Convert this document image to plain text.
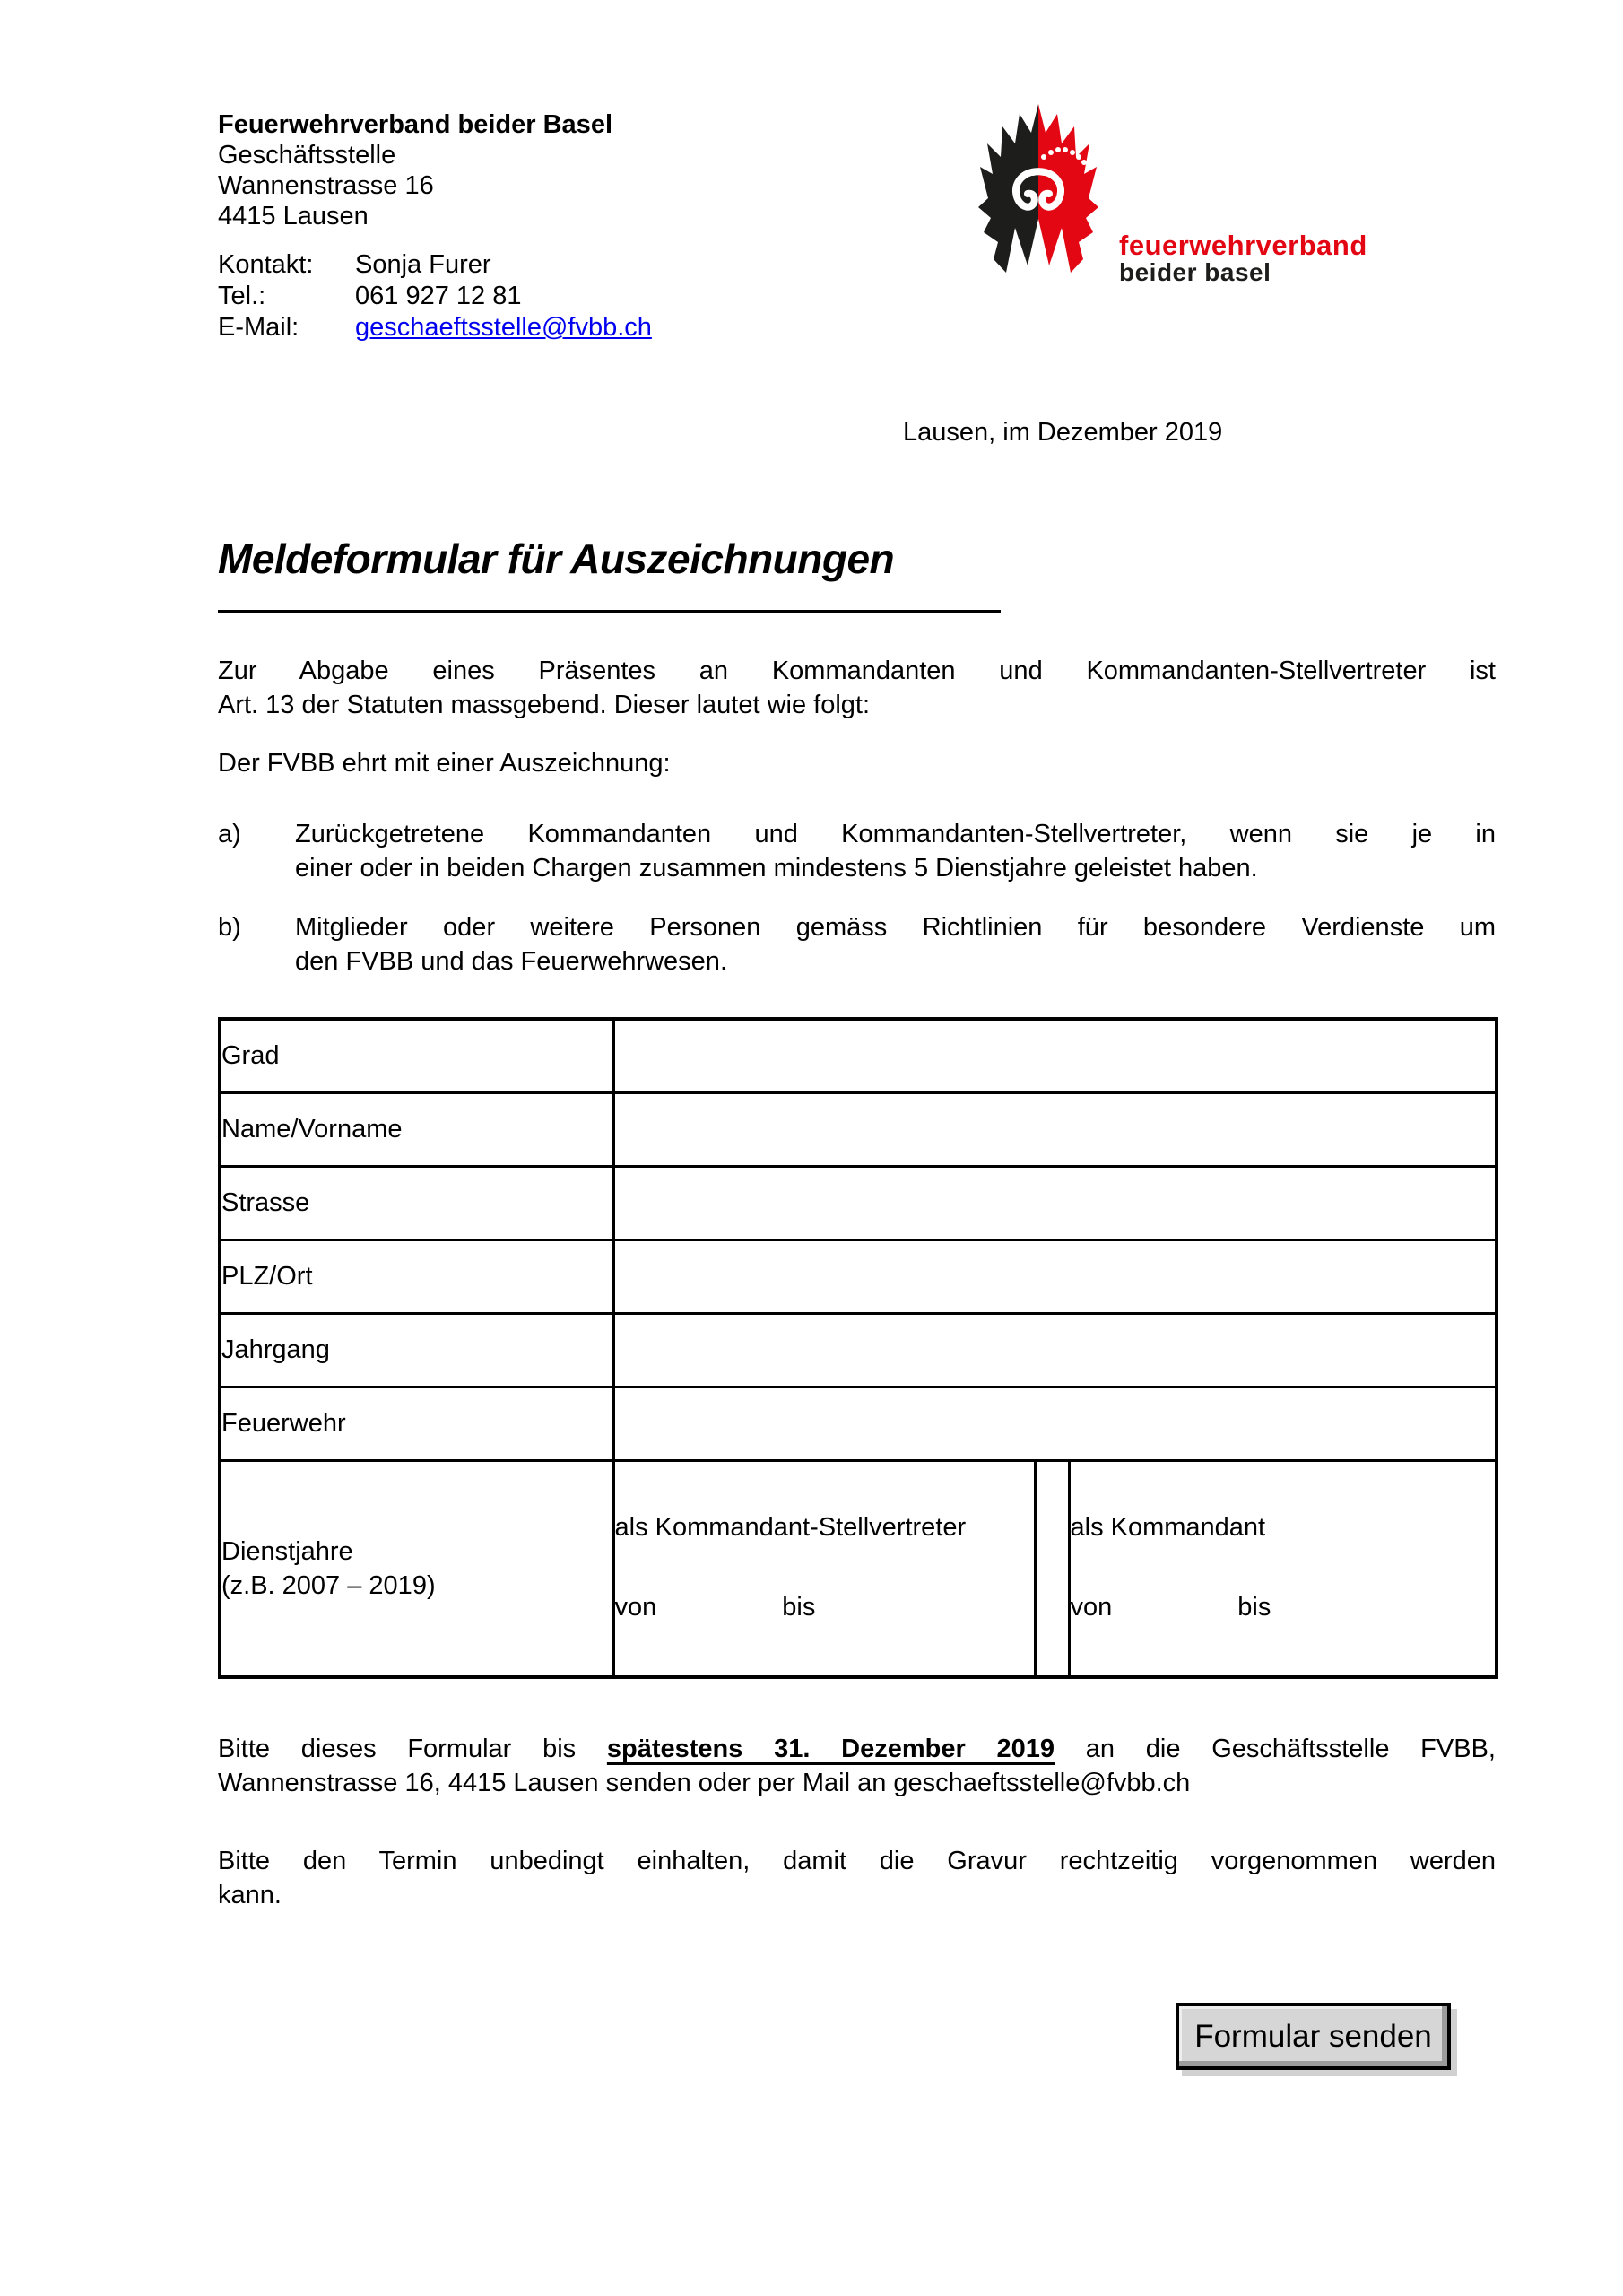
Feuerwehrverband beider Basel
Geschäftsstelle
Wannenstrasse 16
4415 Lausen
Kontakt:	Sonja Furer
Tel.:	061 927 12 81
E-Mail:	geschaeftsstelle@fvbb.ch
feuerwehrverband
beider basel
Lausen, im Dezember 2019
Meldeformular für Auszeichnungen
Zur Abgabe eines Präsentes an Kommandanten und Kommandanten-Stellvertreter ist
Art. 13 der Statuten massgebend. Dieser lautet wie folgt:
Der FVBB ehrt mit einer Auszeichnung:
a) Zurückgetretene Kommandanten und Kommandanten-Stellvertreter, wenn sie je in
einer oder in beiden Chargen zusammen mindestens 5 Dienstjahre geleistet haben.
b) Mitglieder oder weitere Personen gemäss Richtlinien für besondere Verdienste um
den FVBB und das Feuerwehrwesen.
Grad			
Name/Vorname			
Strasse			
PLZ/Ort			
Jahrgang			
Feuerwehr			

Dienstjahre
(z.B. 2007 – 2019)

als Kommandant-Stellvertreter
von	bis

als Kommandant
von	bis
Bitte dieses Formular bis spätestens 31. Dezember 2019 an die Geschäftsstelle FVBB,
Wannenstrasse 16, 4415 Lausen senden oder per Mail an geschaeftsstelle@fvbb.ch
Bitte den Termin unbedingt einhalten, damit die Gravur rechtzeitig vorgenommen werden
kann.
Formular senden
